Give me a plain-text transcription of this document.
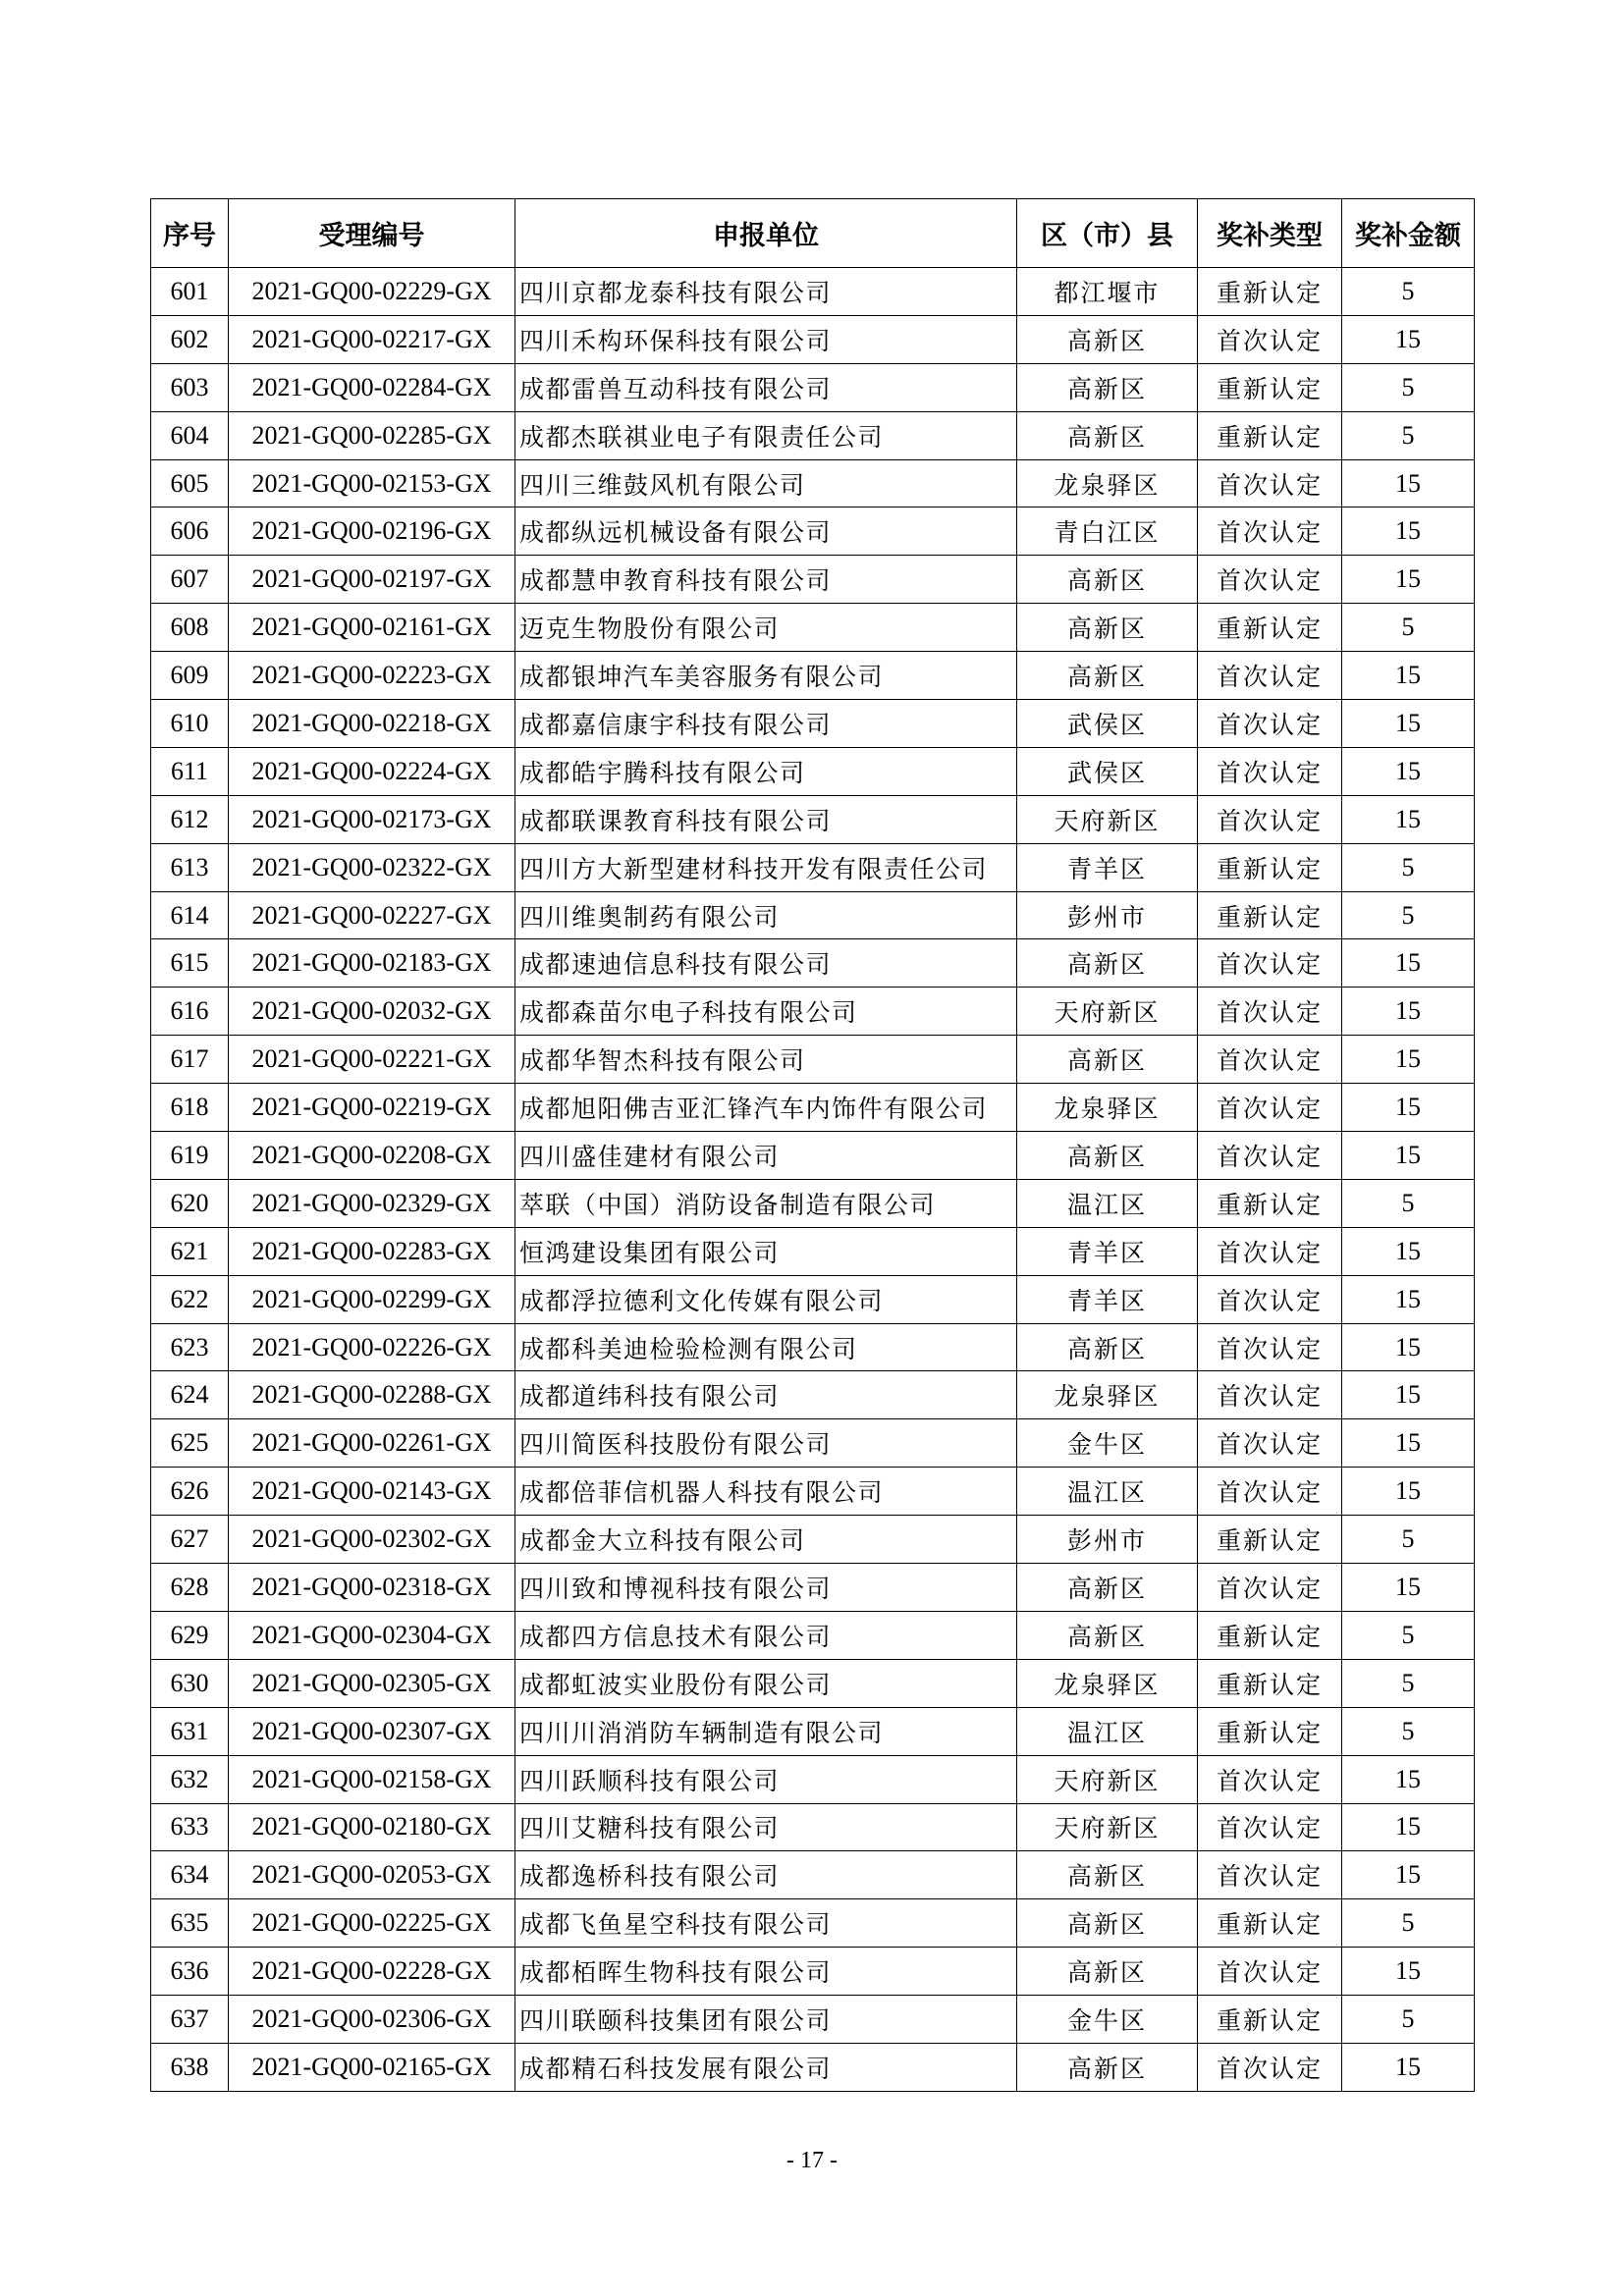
序号	受理编号	申报单位	区（市）县	奖补类型	奖补金额
601	2021-GQ00-02229-GX	四川京都龙泰科技有限公司	都江堰市	重新认定	5
602	2021-GQ00-02217-GX	四川禾构环保科技有限公司	高新区	首次认定	15
603	2021-GQ00-02284-GX	成都雷兽互动科技有限公司	高新区	重新认定	5
604	2021-GQ00-02285-GX	成都杰联祺业电子有限责任公司	高新区	重新认定	5
605	2021-GQ00-02153-GX	四川三维鼓风机有限公司	龙泉驿区	首次认定	15
606	2021-GQ00-02196-GX	成都纵远机械设备有限公司	青白江区	首次认定	15
607	2021-GQ00-02197-GX	成都慧申教育科技有限公司	高新区	首次认定	15
608	2021-GQ00-02161-GX	迈克生物股份有限公司	高新区	重新认定	5
609	2021-GQ00-02223-GX	成都银坤汽车美容服务有限公司	高新区	首次认定	15
610	2021-GQ00-02218-GX	成都嘉信康宇科技有限公司	武侯区	首次认定	15
611	2021-GQ00-02224-GX	成都皓宇腾科技有限公司	武侯区	首次认定	15
612	2021-GQ00-02173-GX	成都联课教育科技有限公司	天府新区	首次认定	15
613	2021-GQ00-02322-GX	四川方大新型建材科技开发有限责任公司	青羊区	重新认定	5
614	2021-GQ00-02227-GX	四川维奥制药有限公司	彭州市	重新认定	5
615	2021-GQ00-02183-GX	成都速迪信息科技有限公司	高新区	首次认定	15
616	2021-GQ00-02032-GX	成都森苗尔电子科技有限公司	天府新区	首次认定	15
617	2021-GQ00-02221-GX	成都华智杰科技有限公司	高新区	首次认定	15
618	2021-GQ00-02219-GX	成都旭阳佛吉亚汇锋汽车内饰件有限公司	龙泉驿区	首次认定	15
619	2021-GQ00-02208-GX	四川盛佳建材有限公司	高新区	首次认定	15
620	2021-GQ00-02329-GX	萃联（中国）消防设备制造有限公司	温江区	重新认定	5
621	2021-GQ00-02283-GX	恒鸿建设集团有限公司	青羊区	首次认定	15
622	2021-GQ00-02299-GX	成都浮拉德利文化传媒有限公司	青羊区	首次认定	15
623	2021-GQ00-02226-GX	成都科美迪检验检测有限公司	高新区	首次认定	15
624	2021-GQ00-02288-GX	成都道纬科技有限公司	龙泉驿区	首次认定	15
625	2021-GQ00-02261-GX	四川简医科技股份有限公司	金牛区	首次认定	15
626	2021-GQ00-02143-GX	成都倍菲信机器人科技有限公司	温江区	首次认定	15
627	2021-GQ00-02302-GX	成都金大立科技有限公司	彭州市	重新认定	5
628	2021-GQ00-02318-GX	四川致和博视科技有限公司	高新区	首次认定	15
629	2021-GQ00-02304-GX	成都四方信息技术有限公司	高新区	重新认定	5
630	2021-GQ00-02305-GX	成都虹波实业股份有限公司	龙泉驿区	重新认定	5
631	2021-GQ00-02307-GX	四川川消消防车辆制造有限公司	温江区	重新认定	5
632	2021-GQ00-02158-GX	四川跃顺科技有限公司	天府新区	首次认定	15
633	2021-GQ00-02180-GX	四川艾糖科技有限公司	天府新区	首次认定	15
634	2021-GQ00-02053-GX	成都逸桥科技有限公司	高新区	首次认定	15
635	2021-GQ00-02225-GX	成都飞鱼星空科技有限公司	高新区	重新认定	5
636	2021-GQ00-02228-GX	成都栢晖生物科技有限公司	高新区	首次认定	15
637	2021-GQ00-02306-GX	四川联颐科技集团有限公司	金牛区	重新认定	5
638	2021-GQ00-02165-GX	成都精石科技发展有限公司	高新区	首次认定	15
- 17 -
